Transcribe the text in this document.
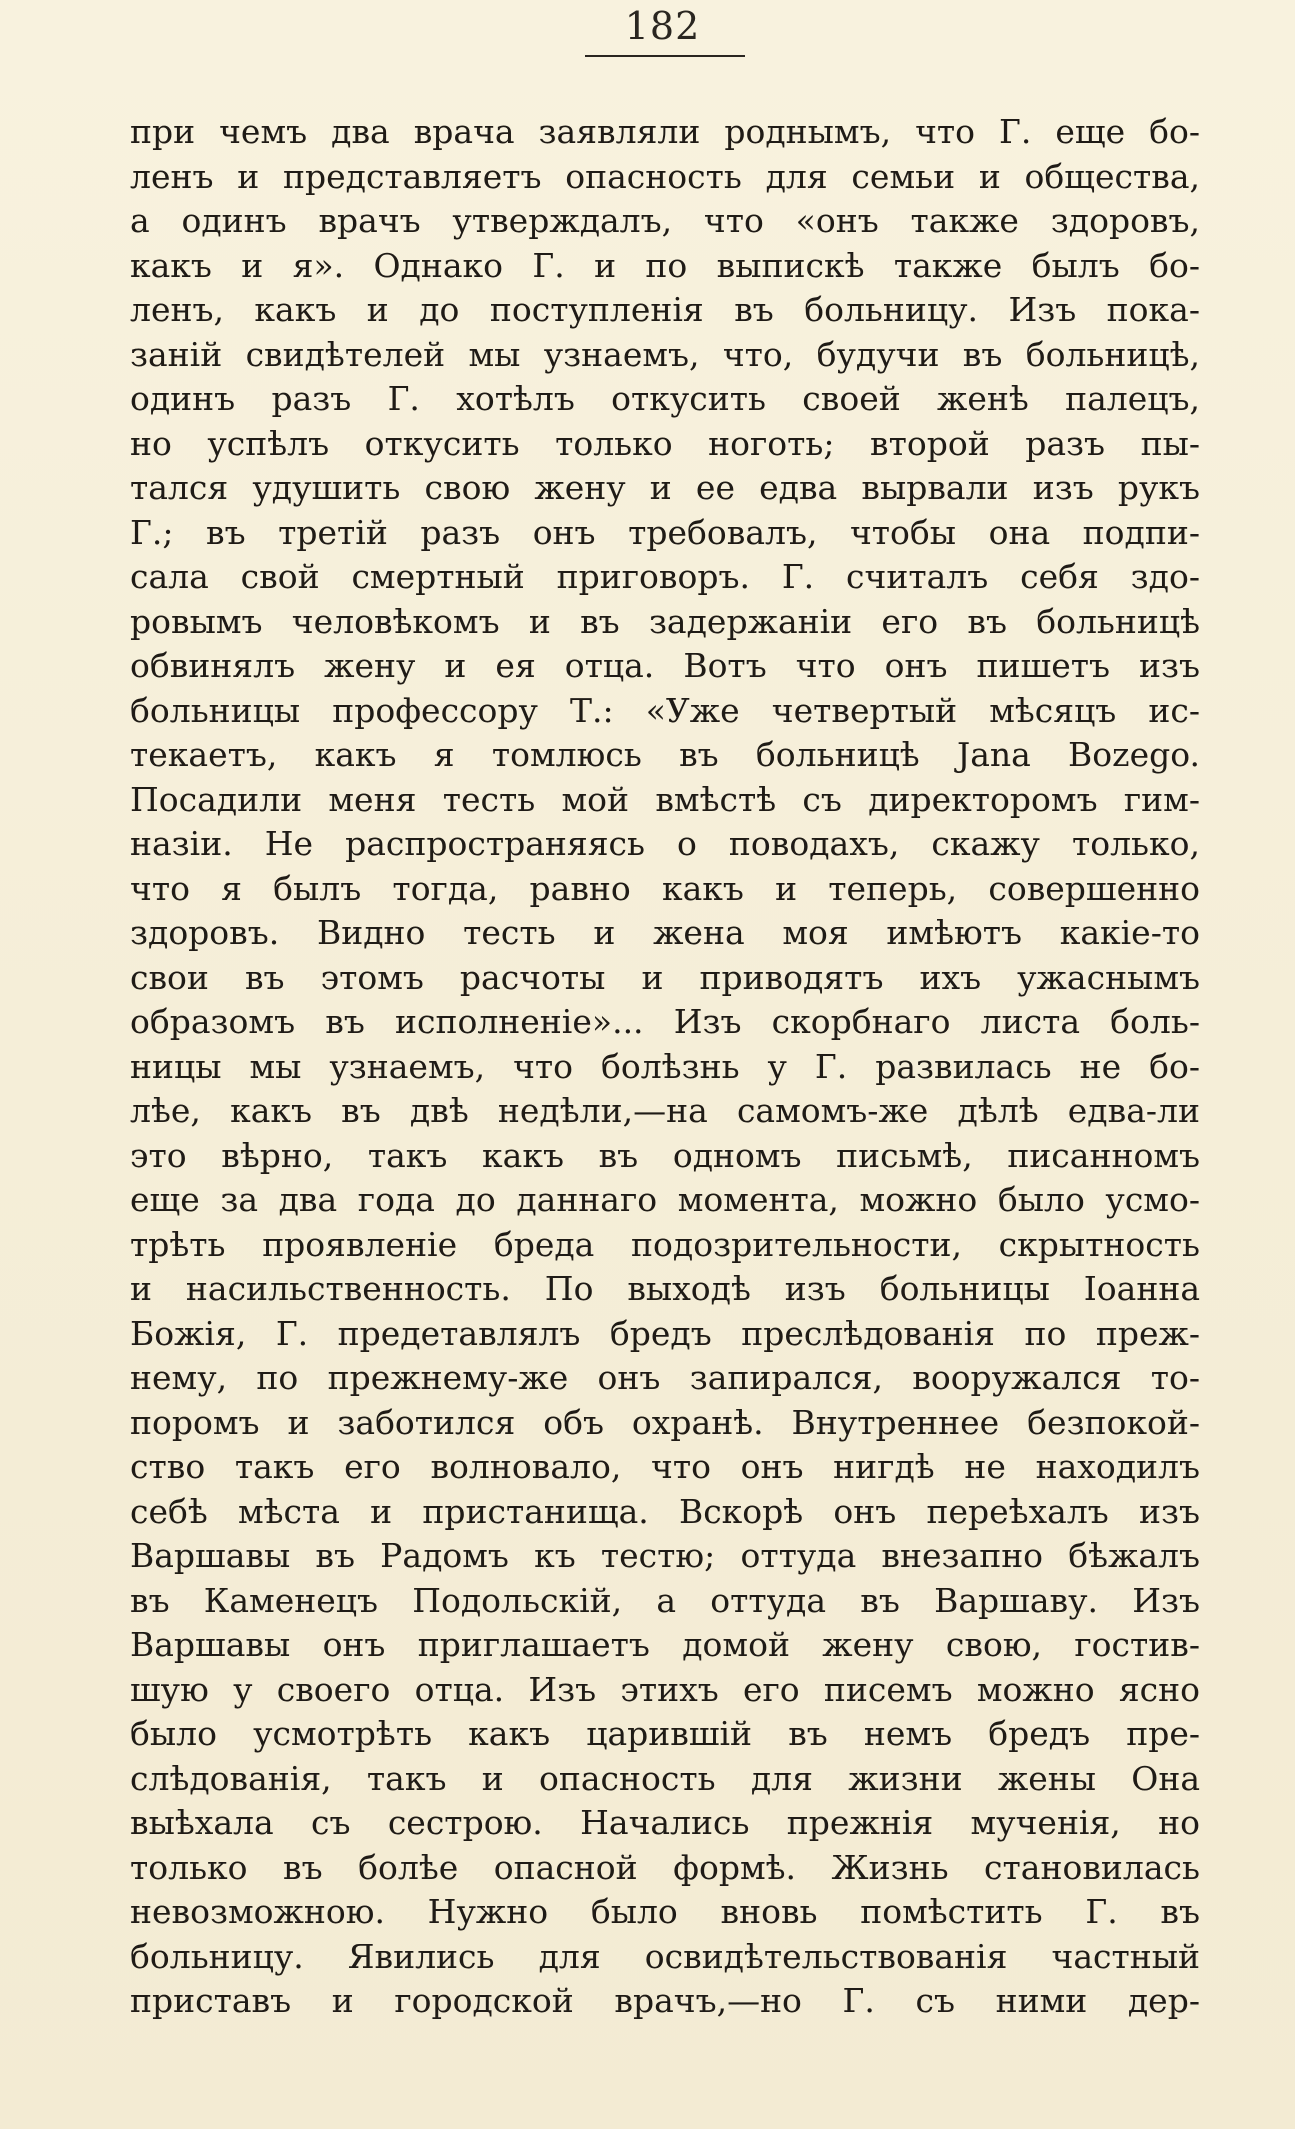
182
при чемъ два врача заявляли роднымъ, что Г. еще бо-
ленъ и представляетъ опасность для семьи и общества,
а одинъ врачъ утверждалъ, что «онъ также здоровъ,
какъ и я». Однако Г. и по выпискѣ также былъ бо-
ленъ, какъ и до поступленія въ больницу. Изъ пока-
заній свидѣтелей мы узнаемъ, что, будучи въ больницѣ,
одинъ разъ Г. хотѣлъ откусить своей женѣ палецъ,
но успѣлъ откусить только ноготь; второй разъ пы-
тался удушить свою жену и ее едва вырвали изъ рукъ
Г.; въ третій разъ онъ требовалъ, чтобы она подпи-
сала свой смертный приговоръ. Г. считалъ себя здо-
ровымъ человѣкомъ и въ задержаніи его въ больницѣ
обвинялъ жену и ея отца. Вотъ что онъ пишетъ изъ
больницы профессору Т.: «Уже четвертый мѣсяцъ ис-
текаетъ, какъ я томлюсь въ больницѣ Jana Bozego.
Посадили меня тесть мой вмѣстѣ съ директоромъ гим-
назіи. Не распространяясь о поводахъ, скажу только,
что я былъ тогда, равно какъ и теперь, совершенно
здоровъ. Видно тесть и жена моя имѣютъ какіе-то
свои въ этомъ расчоты и приводятъ ихъ ужаснымъ
образомъ въ исполненіе»... Изъ скорбнаго листа боль-
ницы мы узнаемъ, что болѣзнь у Г. развилась не бо-
лѣе, какъ въ двѣ недѣли,—на самомъ-же дѣлѣ едва-ли
это вѣрно, такъ какъ въ одномъ письмѣ, писанномъ
еще за два года до даннаго момента, можно было усмо-
трѣть проявленіе бреда подозрительности, скрытность
и насильственность. По выходѣ изъ больницы Іоанна
Божія, Г. предетавлялъ бредъ преслѣдованія по преж-
нему, по прежнему-же онъ запирался, вооружался то-
поромъ и заботился объ охранѣ. Внутреннее безпокой-
ство такъ его волновало, что онъ нигдѣ не находилъ
себѣ мѣста и пристанища. Вскорѣ онъ переѣхалъ изъ
Варшавы въ Радомъ къ тестю; оттуда внезапно бѣжалъ
въ Каменецъ Подольскій, а оттуда въ Варшаву. Изъ
Варшавы онъ приглашаетъ домой жену свою, гостив-
шую у своего отца. Изъ этихъ его писемъ можно ясно
было усмотрѣть какъ царившій въ немъ бредъ пре-
слѣдованія, такъ и опасность для жизни жены Она
выѣхала съ сестрою. Начались прежнія мученія, но
только въ болѣе опасной формѣ. Жизнь становилась
невозможною. Нужно было вновь помѣстить Г. въ
больницу. Явились для освидѣтельствованія частный
приставъ и городской врачъ,—но Г. съ ними дер-
